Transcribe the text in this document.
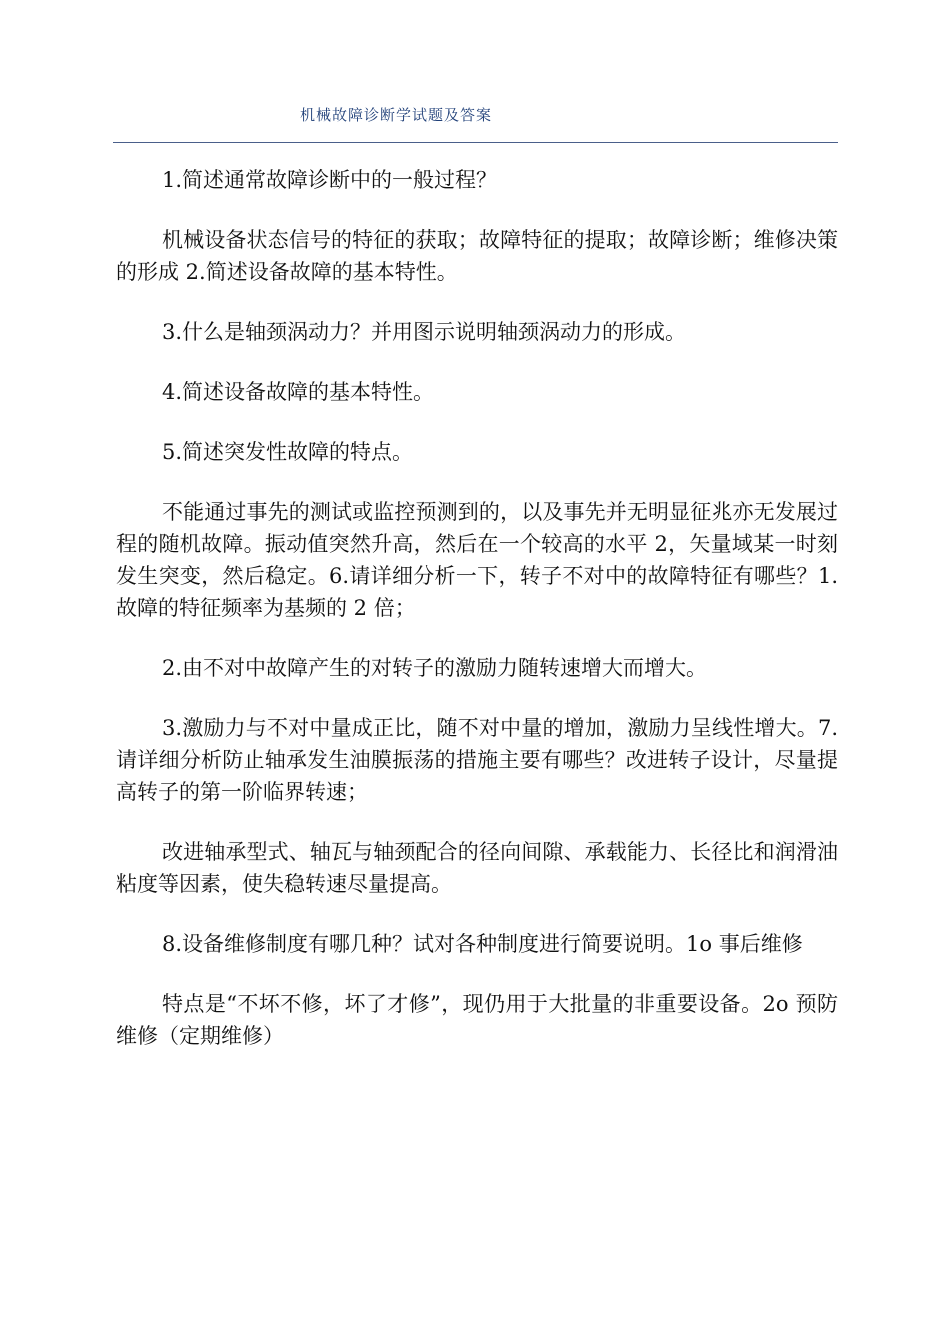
机械故障诊断学试题及答案

1.简述通常故障诊断中的一般过程？

机械设备状态信号的特征的获取；故障特征的提取；故障诊断；维修决策的形成 2.简述设备故障的基本特性。

3.什么是轴颈涡动力？并用图示说明轴颈涡动力的形成。

4.简述设备故障的基本特性。

5.简述突发性故障的特点。

不能通过事先的测试或监控预测到的，以及事先并无明显征兆亦无发展过程的随机故障。振动值突然升高，然后在一个较高的水平 2，矢量域某一时刻发生突变，然后稳定。6.请详细分析一下，转子不对中的故障特征有哪些？1.故障的特征频率为基频的 2 倍；

2.由不对中故障产生的对转子的激励力随转速增大而增大。

3.激励力与不对中量成正比，随不对中量的增加，激励力呈线性增大。7.请详细分析防止轴承发生油膜振荡的措施主要有哪些？改进转子设计，尽量提高转子的第一阶临界转速；

改进轴承型式、轴瓦与轴颈配合的径向间隙、承载能力、长径比和润滑油粘度等因素，使失稳转速尽量提高。

8.设备维修制度有哪几种？试对各种制度进行简要说明。1o 事后维修

特点是“不坏不修，坏了才修”，现仍用于大批量的非重要设备。2o 预防维修（定期维修）
